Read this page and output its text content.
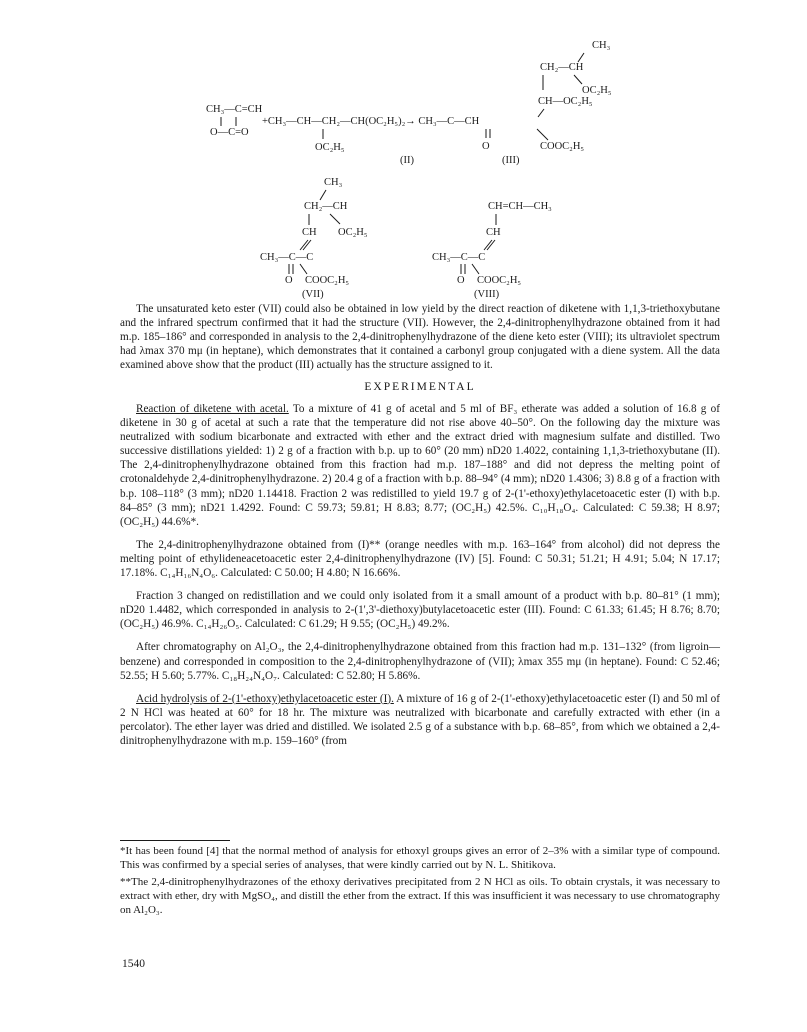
CH₃—C=CH
O—C=O
+CH₃—CH—CH₂—CH(OC₂H₅)₂→ CH₃—C—CH
OC₂H₅
(II)
CH₃
CH₂—CH
OC₂H₅
CH—OC₂H₅
O	COOC₂H₅
(III)
CH₃
CH₂—CH
CH OC₂H₅
CH₃—C—C
O COOC₂H₅
(VII)
CH=CH—CH₃
CH
CH₃—C—C
O COOC₂H₅
(VIII)

The unsaturated keto ester (VII) could also be obtained in low yield by the direct reaction of diketene with 1,1,3-triethoxybutane and the infrared spectrum confirmed that it had the structure (VII). However, the 2,4-dinitrophenylhydrazone obtained from it had m.p. 185–186° and corresponded in analysis to the 2,4-dinitrophenylhydrazone of the diene keto ester (VIII); its ultraviolet spectrum had λmax 370 mμ (in heptane), which demonstrates that it contained a carbonyl group conjugated with a diene system. All the data examined above show that the product (III) actually has the structure assigned to it.

EXPERIMENTAL

Reaction of diketene with acetal. To a mixture of 41 g of acetal and 5 ml of BF₃ etherate was added a solution of 16.8 g of diketene in 30 g of acetal at such a rate that the temperature did not rise above 40–50°. On the following day the mixture was neutralized with sodium bicarbonate and extracted with ether and the extract dried with magnesium sulfate and distilled. Two successive distillations yielded: 1) 2 g of a fraction with b.p. up to 60° (20 mm) nD20 1.4022, containing 1,1,3-triethoxybutane (II). The 2,4-dinitrophenylhydrazone obtained from this fraction had m.p. 187–188° and did not depress the melting point of crotonaldehyde 2,4-dinitrophenylhydrazone. 2) 20.4 g of a fraction with b.p. 88–94° (4 mm); nD20 1.4306; 3) 8.8 g of a fraction with b.p. 108–118° (3 mm); nD20 1.14418. Fraction 2 was redistilled to yield 19.7 g of 2-(1'-ethoxy)ethylacetoacetic ester (I) with b.p. 84–85° (3 mm); nD21 1.4292. Found: C 59.73; 59.81; H 8.83; 8.77; (OC₂H₅) 42.5%. C₁₀H₁₈O₄. Calculated: C 59.38; H 8.97; (OC₂H₅) 44.6%*.

The 2,4-dinitrophenylhydrazone obtained from (I)** (orange needles with m.p. 163–164° from alcohol) did not depress the melting point of ethylideneacetoacetic ester 2,4-dinitrophenylhydrazone (IV) [5]. Found: C 50.31; 51.21; H 4.91; 5.04; N 17.17; 17.18%. C₁₄H₁₆N₄O₆. Calculated: C 50.00; H 4.80; N 16.66%.

Fraction 3 changed on redistillation and we could only isolated from it a small amount of a product with b.p. 80–81° (1 mm); nD20 1.4482, which corresponded in analysis to 2-(1',3'-diethoxy)butylacetoacetic ester (III). Found: C 61.33; 61.45; H 8.76; 8.70; (OC₂H₅) 46.9%. C₁₄H₂₆O₅. Calculated: C 61.29; H 9.55; (OC₂H₅) 49.2%.

After chromatography on Al₂O₃, the 2,4-dinitrophenylhydrazone obtained from this fraction had m.p. 131–132° (from ligroin—benzene) and corresponded in composition to the 2,4-dinitrophenylhydrazone of (VII); λmax 355 mμ (in heptane). Found: C 52.46; 52.55; H 5.60; 5.77%. C₁₈H₂₄N₄O₇. Calculated: C 52.80; H 5.86%.

Acid hydrolysis of 2-(1'-ethoxy)ethylacetoacetic ester (I). A mixture of 16 g of 2-(1'-ethoxy)ethylacetoacetic ester (I) and 50 ml of 2 N HCl was heated at 60° for 18 hr. The mixture was neutralized with bicarbonate and carefully extracted with ether (in a percolator). The ether layer was dried and distilled. We isolated 2.5 g of a substance with b.p. 68–85°, from which we obtained a 2,4-dinitrophenylhydrazone with m.p. 159–160° (from

*It has been found [4] that the normal method of analysis for ethoxyl groups gives an error of 2–3% with a similar type of compound. This was confirmed by a special series of analyses, that were kindly carried out by N. L. Shitikova.

**The 2,4-dinitrophenylhydrazones of the ethoxy derivatives precipitated from 2 N HCl as oils. To obtain crystals, it was necessary to extract with ether, dry with MgSO₄, and distill the ether from the extract. If this was insufficient it was necessary to use chromatography on Al₂O₃.

1540
